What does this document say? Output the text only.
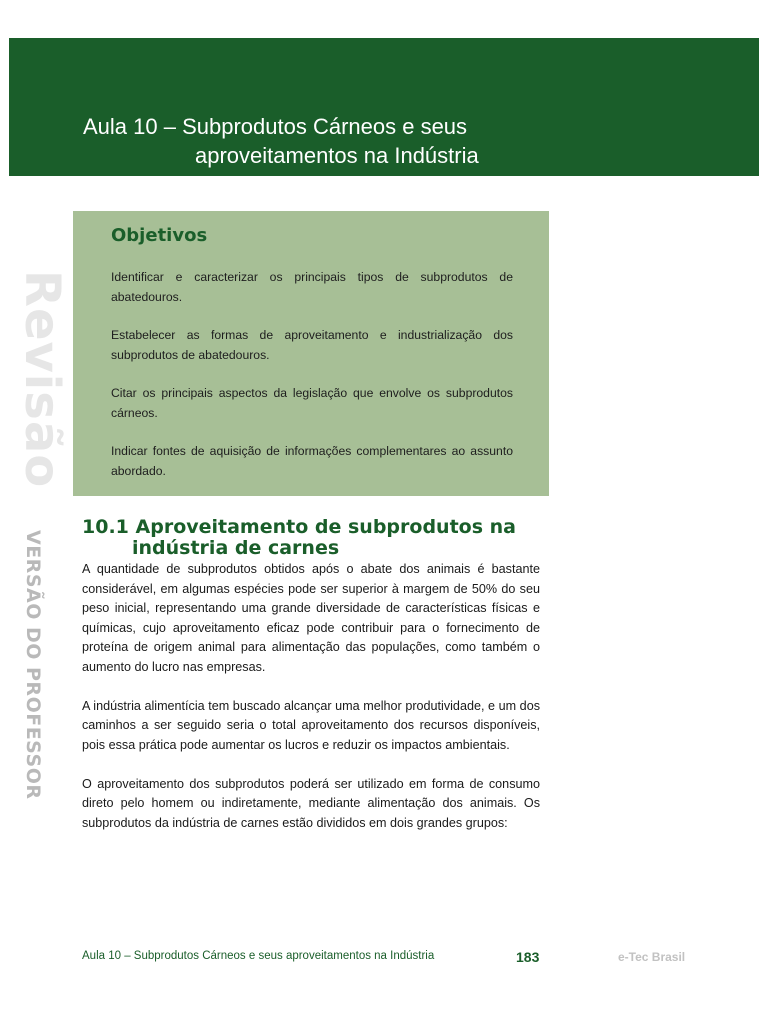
Aula 10 – Subprodutos Cárneos e seus
aproveitamentos na Indústria
Revisão
VERSÃO DO PROFESSOR
Objetivos
Identificar e caracterizar os principais tipos de subprodutos de abatedouros.
Estabelecer as formas de aproveitamento e industrialização dos subprodutos de abatedouros.
Citar os principais aspectos da legislação que envolve os subprodutos cárneos.
Indicar fontes de aquisição de informações complementares ao assunto abordado.
10.1 Aproveitamento de subprodutos na
indústria de carnes

A quantidade de subprodutos obtidos após o abate dos animais é bastante considerável, em algumas espécies pode ser superior à margem de 50% do seu peso inicial, representando uma grande diversidade de características físicas e químicas, cujo aproveitamento eficaz pode contribuir para o fornecimento de proteína de origem animal para alimentação das populações, como também o aumento do lucro nas empresas.

A indústria alimentícia tem buscado alcançar uma melhor produtividade, e um dos caminhos a ser seguido seria o total aproveitamento dos recursos disponíveis, pois essa prática pode aumentar os lucros e reduzir os impactos ambientais.

O aproveitamento dos subprodutos poderá ser utilizado em forma de consumo direto pelo homem ou indiretamente, mediante alimentação dos animais. Os subprodutos da indústria de carnes estão divididos em dois grandes grupos:

Aula 10 – Subprodutos Cárneos e seus aproveitamentos na Indústria	183	e-Tec Brasil
